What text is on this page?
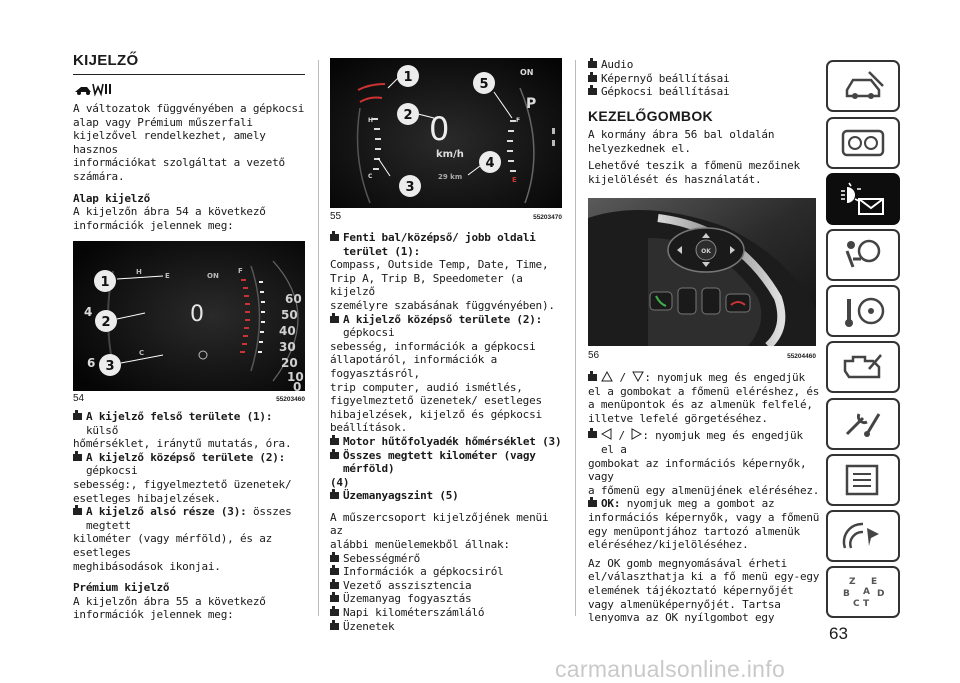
KIJELZŐ
A változatok függvényében a gépkocsi
alap vagy Prémium műszerfali
kijelzővel rendelkezhet, amely hasznos
információkat szolgáltat a vezető
számára.
Alap kijelző
A kijelzőn ábra 54 a következő
információk jelennek meg:
60
50
40
30
20
10
0
0
E	ON
F
H
C
4
6
1
2
3
54	55203460
A kijelző felső területe (1): külső
hőmérséklet, iránytű mutatás, óra.
A kijelző középső területe (2): gépkocsi
sebesség:, figyelmeztető üzenetek/
esetleges hibajelzések.
A kijelző alsó része (3): összes megtett
kilométer (vagy mérföld), és az esetleges
meghibásodások ikonjai.
Prémium kijelző
A kijelzőn ábra 55 a következő
információk jelennek meg:
0
km/h
29 km
ON
P
H
C
F
E
1
2
3
4
5
55	55203470
Fenti bal/középső/ jobb oldali terület (1):
Compass, Outside Temp, Date, Time,
Trip A, Trip B, Speedometer (a kijelző
személyre szabásának függvényében).
A kijelző középső területe (2): gépkocsi
sebesség, információk a gépkocsi
állapotáról, információk a fogyasztásról,
trip computer, audió ismétlés,
figyelmeztető üzenetek/ esetleges
hibajelzések, kijelző és gépkocsi
beállítások.
Motor hűtőfolyadék hőmérséklet (3)
Összes megtett kilométer (vagy mérföld)
(4)
Üzemanyagszint (5)
A műszercsoport kijelzőjének menüi az
alábbi menüelemekből állnak:
Sebességmérő
Információk a gépkocsiról
Vezető asszisztencia
Üzemanyag fogyasztás
Napi kilométerszámláló
Üzenetek
Audio
Képernyő beállításai
Gépkocsi beállításai
KEZELŐGOMBOK
A kormány ábra 56 bal oldalán
helyezkednek el.
Lehetővé teszik a főmenü mezőinek
kijelölését és használatát.
OK
56	55204460
/ : nyomjuk meg és engedjük
el a gombokat a főmenü eléréshez, és
a menüpontok és az almenük felfelé,
illetve lefelé görgetéséhez.
/ : nyomjuk meg és engedjük el a
gombokat az információs képernyők, vagy
a főmenü egy almenüjének eléréséhez.
OK: nyomjuk meg a gombot az
információs képernyők, vagy a főmenü
egy menüpontjához tartozó almenük
eléréséhez/kijelöléséhez.
Az OK gomb megnyomásával érheti
el/választhatja ki a fő menü egy-egy
elemének tájékoztató képernyőjét
vagy almenüképernyőjét. Tartsa
lenyomva az OK nyílgombot egy
Z E
B	D
C T
A
63
carmanualsonline.info
